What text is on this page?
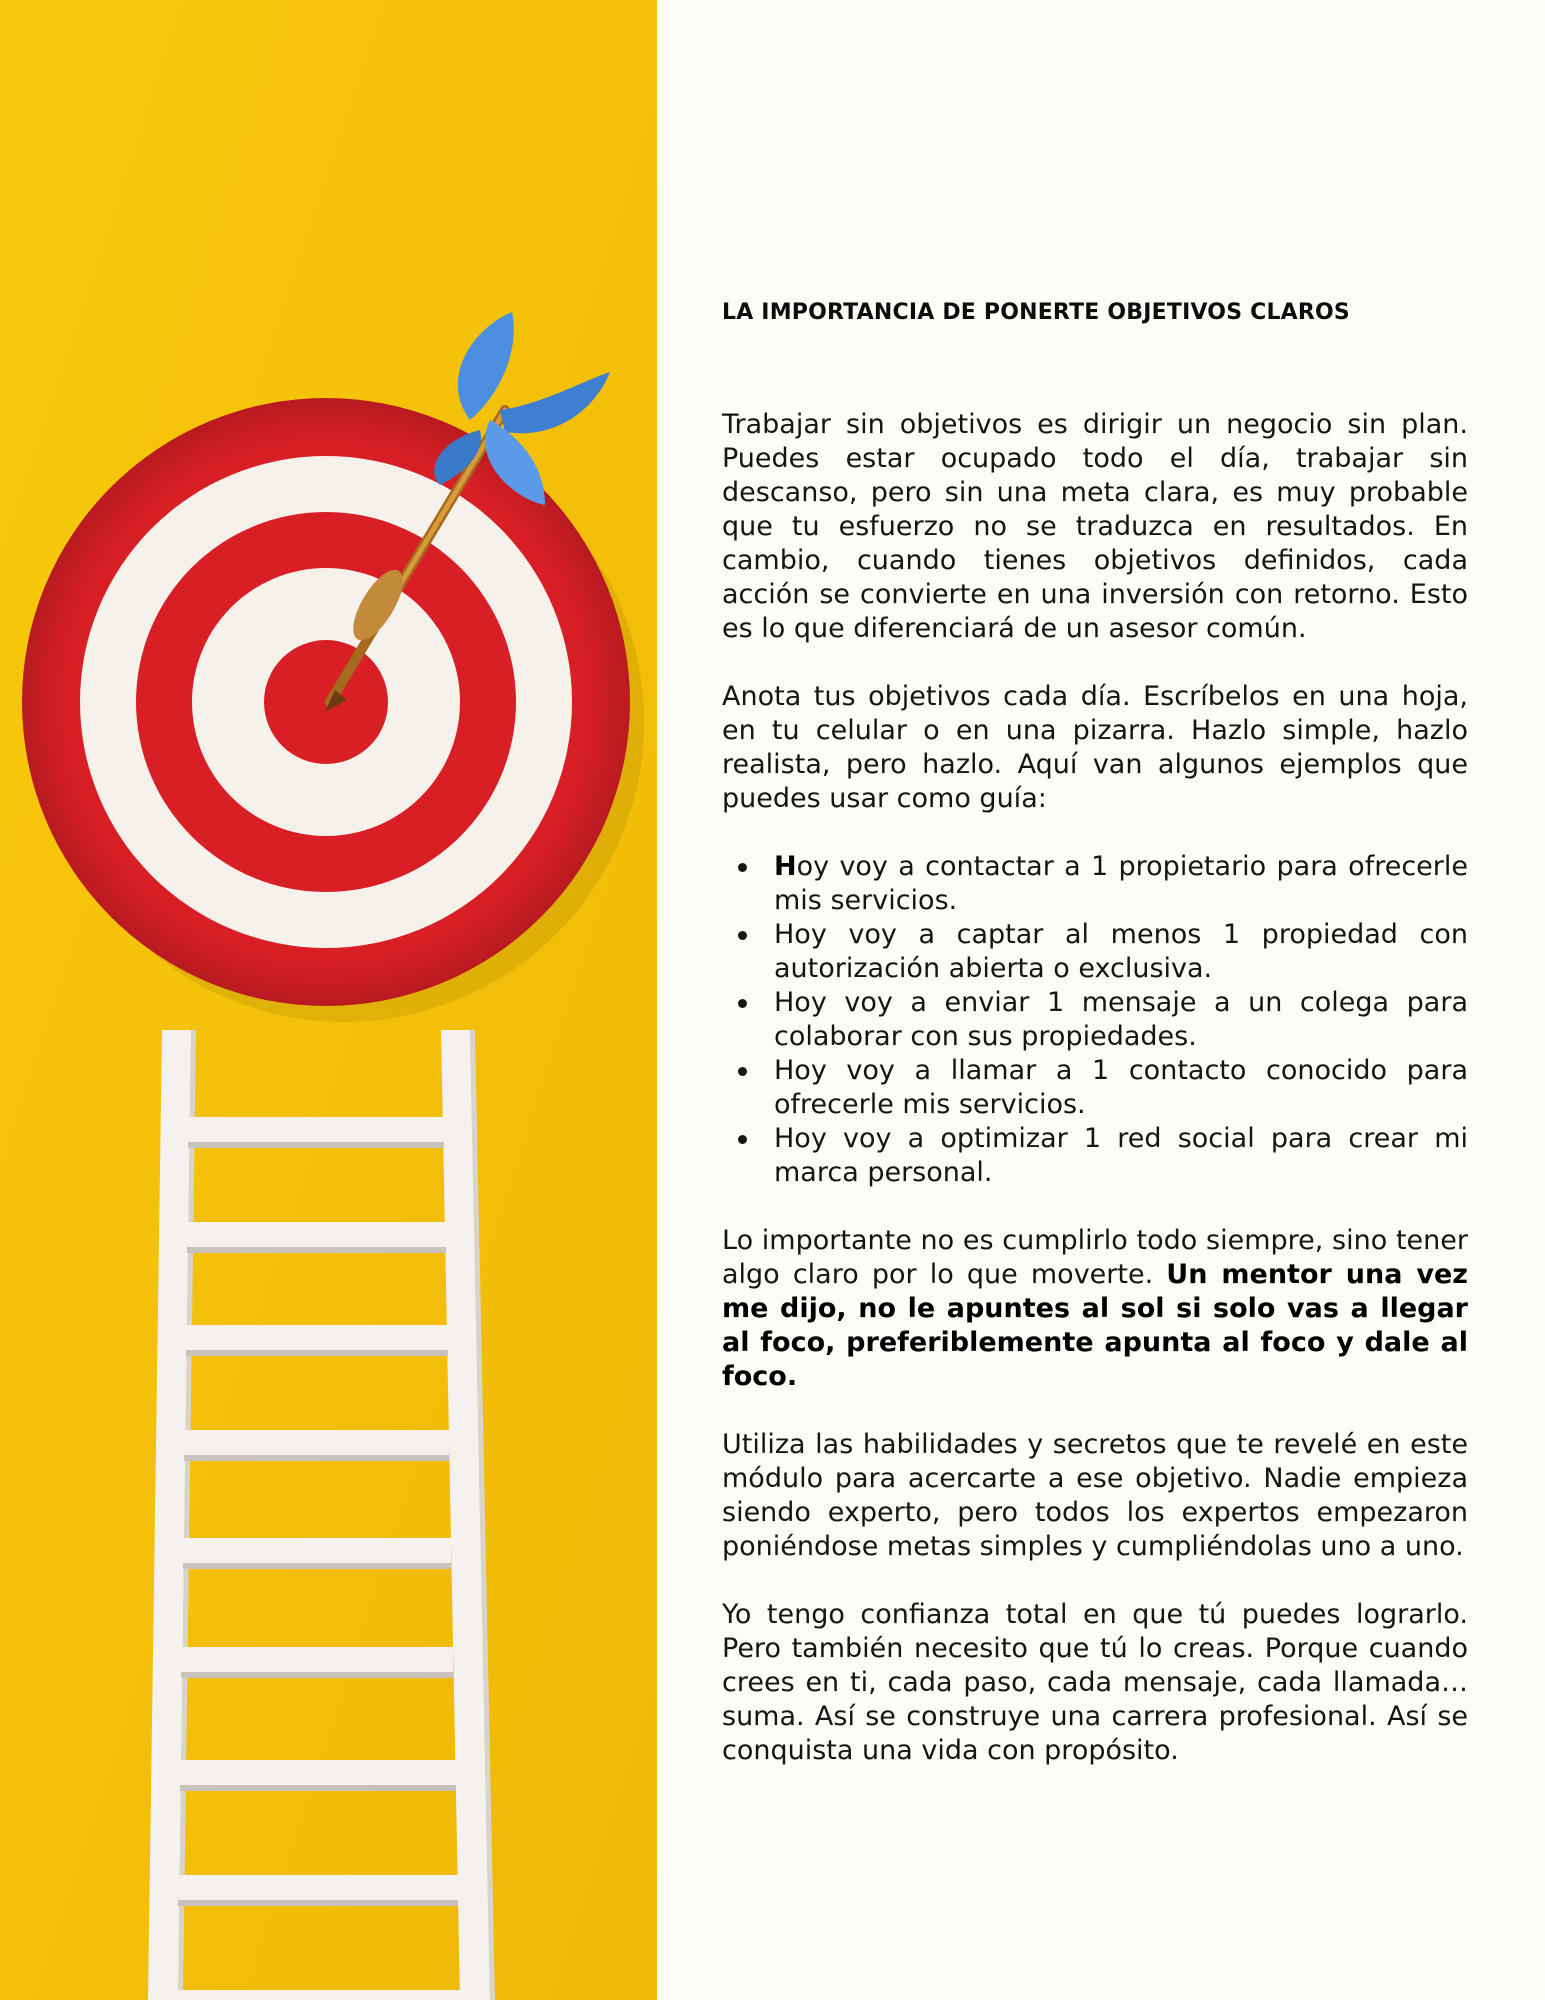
LA IMPORTANCIA DE PONERTE OBJETIVOS CLAROS

Trabajar sin objetivos es dirigir un negocio sin plan. Puedes estar ocupado todo el día, trabajar sin descanso, pero sin una meta clara, es muy probable que tu esfuerzo no se traduzca en resultados. En cambio, cuando tienes objetivos definidos, cada acción se convierte en una inversión con retorno. Esto es lo que diferenciará de un asesor común.

Anota tus objetivos cada día. Escríbelos en una hoja, en tu celular o en una pizarra. Hazlo simple, hazlo realista, pero hazlo. Aquí van algunos ejemplos que puedes usar como guía:

Hoy voy a contactar a 1 propietario para ofrecerle mis servicios.
Hoy voy a captar al menos 1 propiedad con autorización abierta o exclusiva.
Hoy voy a enviar 1 mensaje a un colega para colaborar con sus propiedades.
Hoy voy a llamar a 1 contacto conocido para ofrecerle mis servicios.
Hoy voy a optimizar 1 red social para crear mi marca personal.

Lo importante no es cumplirlo todo siempre, sino tener algo claro por lo que moverte. Un mentor una vez me dijo, no le apuntes al sol si solo vas a llegar al foco, preferiblemente apunta al foco y dale al foco.

Utiliza las habilidades y secretos que te revelé en este módulo para acercarte a ese objetivo. Nadie empieza siendo experto, pero todos los expertos empezaron poniéndose metas simples y cumpliéndolas uno a uno.

Yo tengo confianza total en que tú puedes lograrlo. Pero también necesito que tú lo creas. Porque cuando crees en ti, cada paso, cada mensaje, cada llamada… suma. Así se construye una carrera profesional. Así se conquista una vida con propósito.
